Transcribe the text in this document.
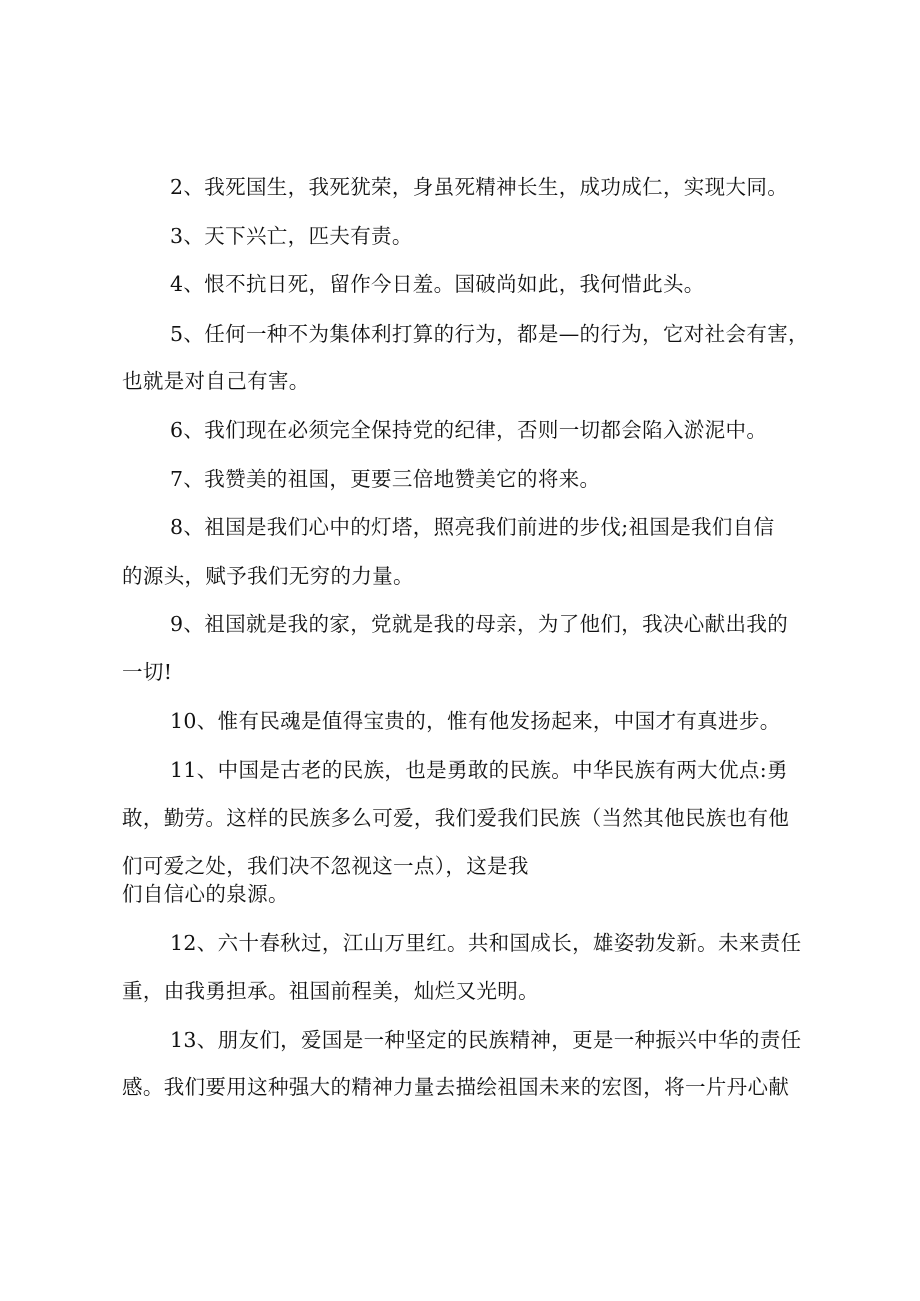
2、我死国生，我死犹荣，身虽死精神长生，成功成仁，实现大同。
3、天下兴亡，匹夫有责。
4、恨不抗日死，留作今日羞。国破尚如此，我何惜此头。
5、任何一种不为集体利打算的行为，都是—的行为，它对社会有害，
也就是对自己有害。
6、我们现在必须完全保持党的纪律，否则一切都会陷入淤泥中。
7、我赞美的祖国，更要三倍地赞美它的将来。
8、祖国是我们心中的灯塔，照亮我们前进的步伐;祖国是我们自信
的源头，赋予我们无穷的力量。
9、祖国就是我的家，党就是我的母亲，为了他们，我决心献出我的
一切!
10、惟有民魂是值得宝贵的，惟有他发扬起来，中国才有真进步。
11、中国是古老的民族，也是勇敢的民族。中华民族有两大优点:勇
敢，勤劳。这样的民族多么可爱，我们爱我们民族（当然其他民族也有他
们可爱之处，我们决不忽视这一点），这是我
们自信心的泉源。
12、六十春秋过，江山万里红。共和国成长，雄姿勃发新。未来责任
重，由我勇担承。祖国前程美，灿烂又光明。
13、朋友们，爱国是一种坚定的民族精神，更是一种振兴中华的责任
感。我们要用这种强大的精神力量去描绘祖国未来的宏图，将一片丹心献
